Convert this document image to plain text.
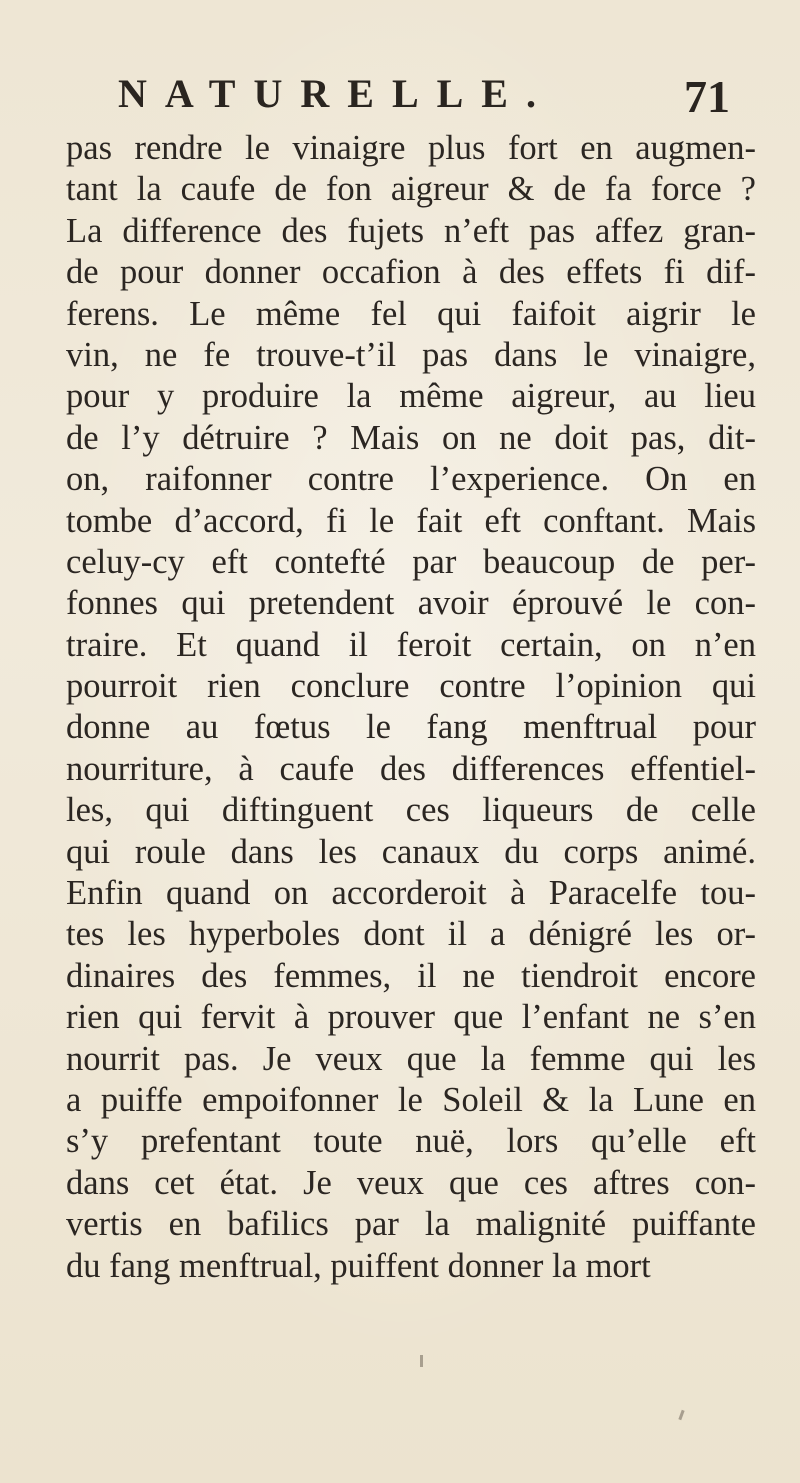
NATURELLE.	71
pas rendre le vinaigre plus fort en augmen-
tant la caufe de fon aigreur & de fa force ?
La difference des fujets n’eft pas affez gran-
de pour donner occafion à des effets fi dif-
ferens. Le même fel qui faifoit aigrir le
vin, ne fe trouve-t’il pas dans le vinaigre,
pour y produire la même aigreur, au lieu
de l’y détruire ? Mais on ne doit pas, dit-
on, raifonner contre l’experience. On en
tombe d’accord, fi le fait eft conftant. Mais
celuy-cy eft contefté par beaucoup de per-
fonnes qui pretendent avoir éprouvé le con-
traire. Et quand il feroit certain, on n’en
pourroit rien conclure contre l’opinion qui
donne au fœtus le fang menftrual pour
nourriture, à caufe des differences effentiel-
les, qui diftinguent ces liqueurs de celle
qui roule dans les canaux du corps animé.
Enfin quand on accorderoit à Paracelfe tou-
tes les hyperboles dont il a dénigré les or-
dinaires des femmes, il ne tiendroit encore
rien qui fervit à prouver que l’enfant ne s’en
nourrit pas. Je veux que la femme qui les
a puiffe empoifonner le Soleil & la Lune en
s’y prefentant toute nuë, lors qu’elle eft
dans cet état. Je veux que ces aftres con-
vertis en bafilics par la malignité puiffante
du fang menftrual, puiffent donner la mort
